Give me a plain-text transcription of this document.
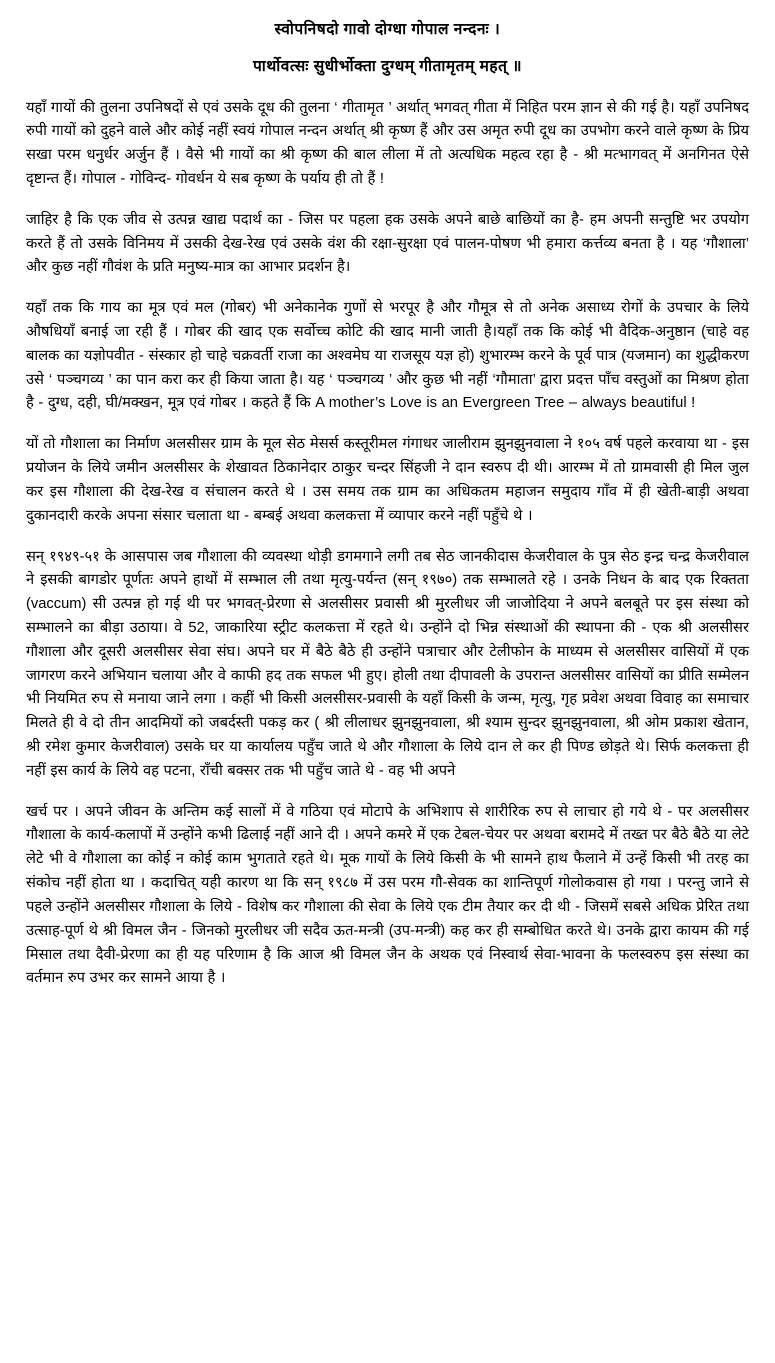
स्वोपनिषदो गावो दोग्धा गोपाल नन्दनः ।
पार्थोवत्सः सुधीर्भोक्ता दुग्धम् गीतामृतम् महत् ॥

यहाँ गायों की तुलना उपनिषदों से एवं उसके दूध की तुलना ‘ गीतामृत ’ अर्थात् भगवत् गीता में निहित परम ज्ञान से की गई है। यहाँ उपनिषद रुपी गायों को दुहने वाले और कोई नहीं स्वयं गोपाल नन्दन अर्थात् श्री कृष्ण हैं और उस अमृत रुपी दूध का उपभोग करने वाले कृष्ण के प्रिय सखा परम धनुर्धर अर्जुन हैं । वैसे भी गायों का श्री कृष्ण की बाल लीला में तो अत्यधिक महत्व रहा है - श्री मत्भागवत् में अनगिनत ऐसे दृष्टान्त हैं। गोपाल - गोविन्द- गोवर्धन ये सब कृष्ण के पर्याय ही तो हैं !

जाहिर है कि एक जीव से उत्पन्न खाद्य पदार्थ का - जिस पर पहला हक उसके अपने बाछे बाछियों का है- हम अपनी सन्तुष्टि भर उपयोग करते हैं तो उसके विनिमय में उसकी देख-रेख एवं उसके वंश की रक्षा-सुरक्षा एवं पालन-पोषण भी हमारा कर्त्तव्य बनता है । यह ‘गौशाला’ और कुछ नहीं गौवंश के प्रति मनुष्य-मात्र का आभार प्रदर्शन है।

यहाँ तक कि गाय का मूत्र एवं मल (गोबर) भी अनेकानेक गुणों से भरपूर है और गौमूत्र से तो अनेक असाध्य रोगों के उपचार के लिये औषधियाँ बनाई जा रही हैं । गोबर की खाद एक सर्वोच्च कोटि की खाद मानी जाती है।यहाँ तक कि कोई भी वैदिक-अनुष्ठान (चाहे वह बालक का यज्ञोपवीत - संस्कार हो चाहे चक्रवर्ती राजा का अश्वमेघ या राजसूय यज्ञ हो) शुभारम्भ करने के पूर्व पात्र (यजमान) का शुद्धीकरण उसे ‘ पञ्चगव्य ’ का पान करा कर ही किया जाता है। यह ‘ पञ्चगव्य ’ और कुछ भी नहीं ‘गौमाता’ द्वारा प्रदत्त पाँच वस्तुओं का मिश्रण होता है - दुग्ध, दही, घी/मक्खन, मूत्र एवं गोबर । कहते हैं कि A mother’s Love is an Evergreen Tree – always beautiful !

यों तो गौशाला का निर्माण अलसीसर ग्राम के मूल सेठ मेसर्स कस्तूरीमल गंगाधर जालीराम झुनझुनवाला ने १०५ वर्ष पहले करवाया था - इस प्रयोजन के लिये जमीन अलसीसर के शेखावत ठिकानेदार ठाकुर चन्दर सिंहजी ने दान स्वरुप दी थी। आरम्भ में तो ग्रामवासी ही मिल जुल कर इस गौशाला की देख-रेख व संचालन करते थे । उस समय तक ग्राम का अधिकतम महाजन समुदाय गाँव में ही खेती-बाड़ी अथवा दुकानदारी करके अपना संसार चलाता था - बम्बई अथवा कलकत्ता में व्यापार करने नहीं पहुँचे थे ।

सन् १९४९-५१ के आसपास जब गौशाला की व्यवस्था थोड़ी डगमगाने लगी तब सेठ जानकीदास केजरीवाल के पुत्र सेठ इन्द्र चन्द्र केजरीवाल ने इसकी बागडोर पूर्णतः अपने हाथों में सम्भाल ली तथा मृत्यु-पर्यन्त (सन् १९७०) तक सम्भालते रहे । उनके निधन के बाद एक रिक्तता (vaccum) सी उत्पन्न हो गई थी पर भगवत्-प्रेरणा से अलसीसर प्रवासी श्री मुरलीधर जी जाजोदिया ने अपने बलबूते पर इस संस्था को सम्भालने का बीड़ा उठाया। वे 52, जाकारिया स्ट्रीट कलकत्ता में रहते थे। उन्होंने दो भिन्न संस्थाओं की स्थापना की - एक श्री अलसीसर गौशाला और दूसरी अलसीसर सेवा संघ। अपने घर में बैठे बैठे ही उन्होंने पत्राचार और टेलीफोन के माध्यम से अलसीसर वासियों में एक जागरण करने अभियान चलाया और वे काफी हद तक सफल भी हुए। होली तथा दीपावली के उपरान्त अलसीसर वासियों का प्रीति सम्मेलन भी नियमित रुप से मनाया जाने लगा । कहीं भी किसी अलसीसर-प्रवासी के यहाँ किसी के जन्म, मृत्यु, गृह प्रवेश अथवा विवाह का समाचार मिलते ही वे दो तीन आदमियों को जबर्दस्ती पकड़ कर ( श्री लीलाधर झुनझुनवाला, श्री श्याम सुन्दर झुनझुनवाला, श्री ओम प्रकाश खेतान, श्री रमेश कुमार केजरीवाल) उसके घर या कार्यालय पहुँच जाते थे और गौशाला के लिये दान ले कर ही पिण्ड छोड़ते थे। सिर्फ कलकत्ता ही नहीं इस कार्य के लिये वह पटना, राँची बक्सर तक भी पहुँच जाते थे - वह भी अपने

खर्च पर । अपने जीवन के अन्तिम कई सालों में वे गठिया एवं मोटापे के अभिशाप से शारीरिक रुप से लाचार हो गये थे - पर अलसीसर गौशाला के कार्य-कलापों में उन्होंने कभी ढिलाई नहीं आने दी । अपने कमरे में एक टेबल-चेयर पर अथवा बरामदे में तख्त पर बैठे बैठे या लेटे लेटे भी वे गौशाला का कोई न कोई काम भुगताते रहते थे। मूक गायों के लिये किसी के भी सामने हाथ फैलाने में उन्हें किसी भी तरह का संकोच नहीं होता था । कदाचित् यही कारण था कि सन् १९८७ में उस परम गौ-सेवक का शान्तिपूर्ण गोलोकवास हो गया । परन्तु जाने से पहले उन्होंने अलसीसर गौशाला के लिये - विशेष कर गौशाला की सेवा के लिये एक टीम तैयार कर दी थी - जिसमें सबसे अधिक प्रेरित तथा उत्साह-पूर्ण थे श्री विमल जैन - जिनको मुरलीधर जी सदैव ऊत-मन्त्री (उप-मन्त्री) कह कर ही सम्बोधित करते थे। उनके द्वारा कायम की गई मिसाल तथा दैवी-प्रेरणा का ही यह परिणाम है कि आज श्री विमल जैन के अथक एवं निस्वार्थ सेवा-भावना के फलस्वरुप इस संस्था का वर्तमान रुप उभर कर सामने आया है ।
